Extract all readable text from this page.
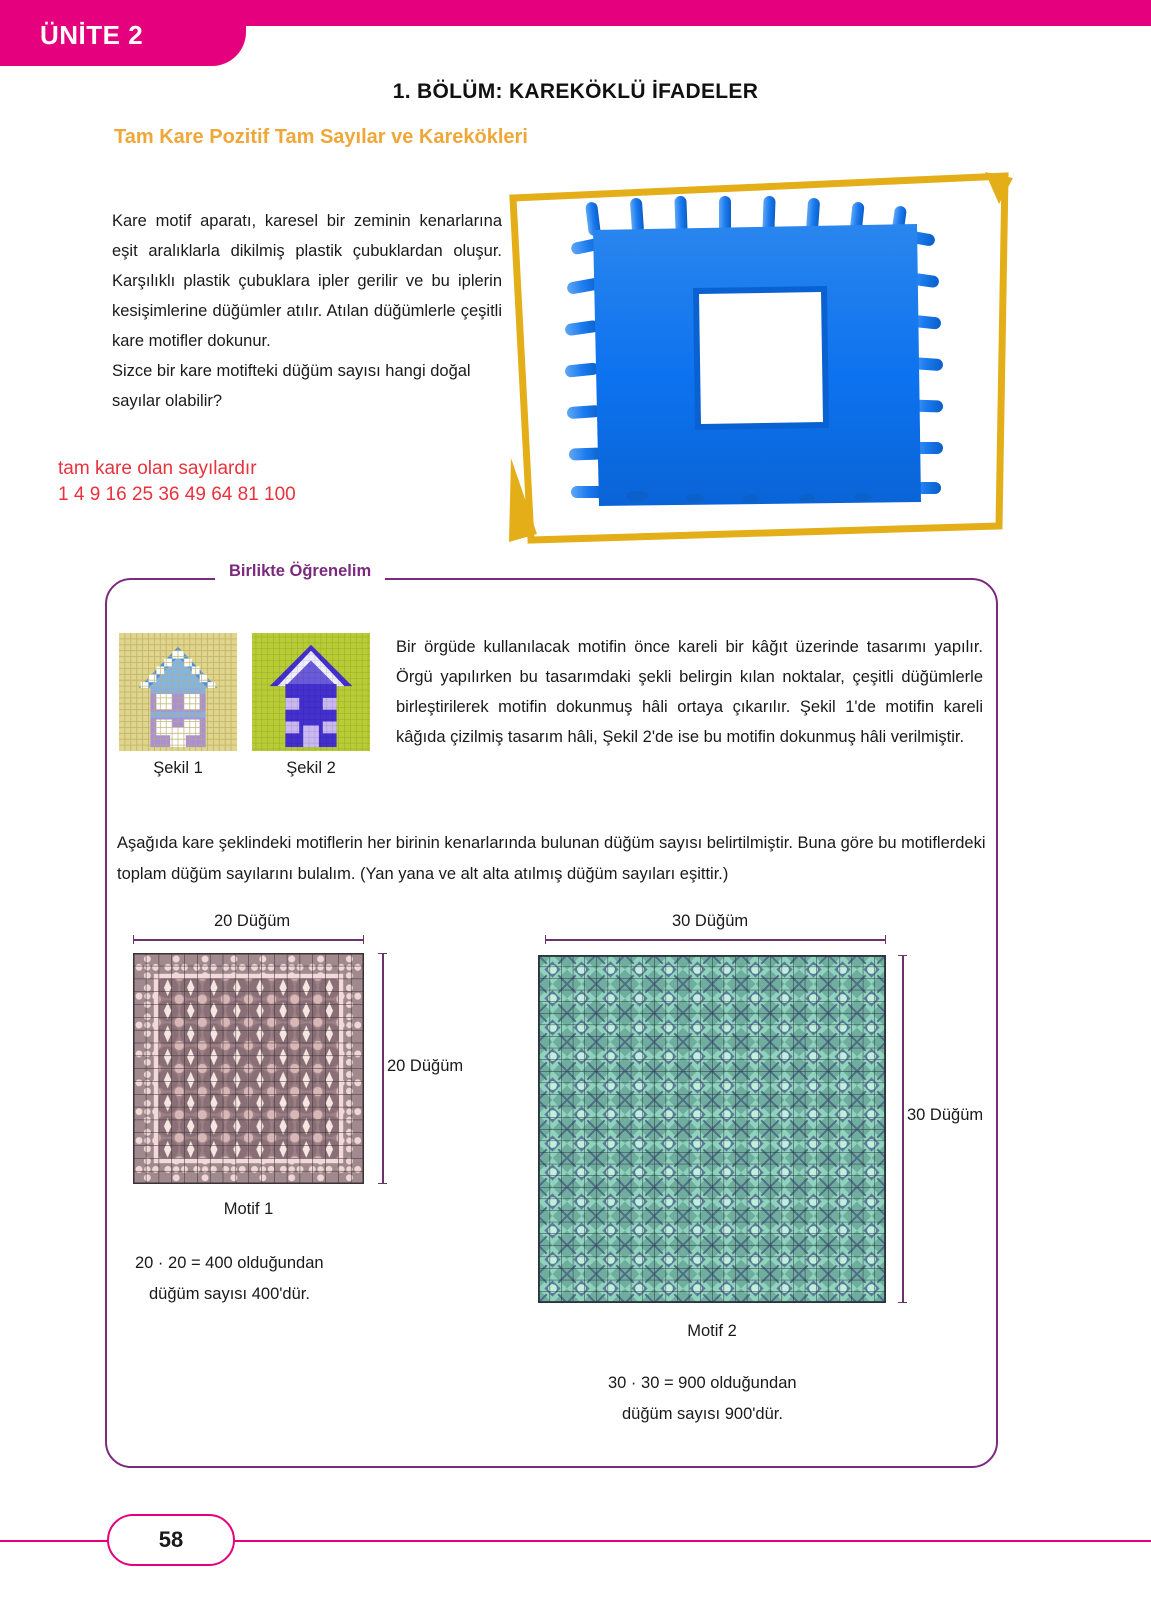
ÜNİTE 2
1. BÖLÜM: KAREKÖKLÜ İFADELER
Tam Kare Pozitif Tam Sayılar ve Karekökleri

Kare motif aparatı, karesel bir zeminin kenarlarına eşit aralıklarla dikilmiş plastik çubuklardan oluşur. Karşılıklı plastik çubuklara ipler gerilir ve bu iplerin kesişimlerine düğümler atılır. Atılan düğümlerle çeşitli kare motifler dokunur.

Sizce bir kare motifteki düğüm sayısı hangi doğal sayılar olabilir?

tam kare olan sayılardır
1 4 9 16 25 36 49 64 81 100
Birlikte Öğrenelim
Şekil 1	Şekil 2

Bir örgüde kullanılacak motifin önce kareli bir kâğıt üzerinde tasarımı yapılır. Örgü yapılırken bu tasarımdaki şekli belirgin kılan noktalar, çeşitli düğümlerle birleştirilerek motifin dokunmuş hâli ortaya çıkarılır. Şekil 1'de motifin kareli kâğıda çizilmiş tasarım hâli, Şekil 2'de ise bu motifin dokunmuş hâli verilmiştir.

Aşağıda kare şeklindeki motiflerin her birinin kenarlarında bulunan düğüm sayısı belirtilmiştir. Buna göre bu motiflerdeki toplam düğüm sayılarını bulalım. (Yan yana ve alt alta atılmış düğüm sayıları eşittir.)

20 Düğüm
20 Düğüm
Motif 1
20 · 20 = 400 olduğundan
düğüm sayısı 400'dür.
30 Düğüm
30 Düğüm
Motif 2
30 · 30 = 900 olduğundan
düğüm sayısı 900'dür.
58
